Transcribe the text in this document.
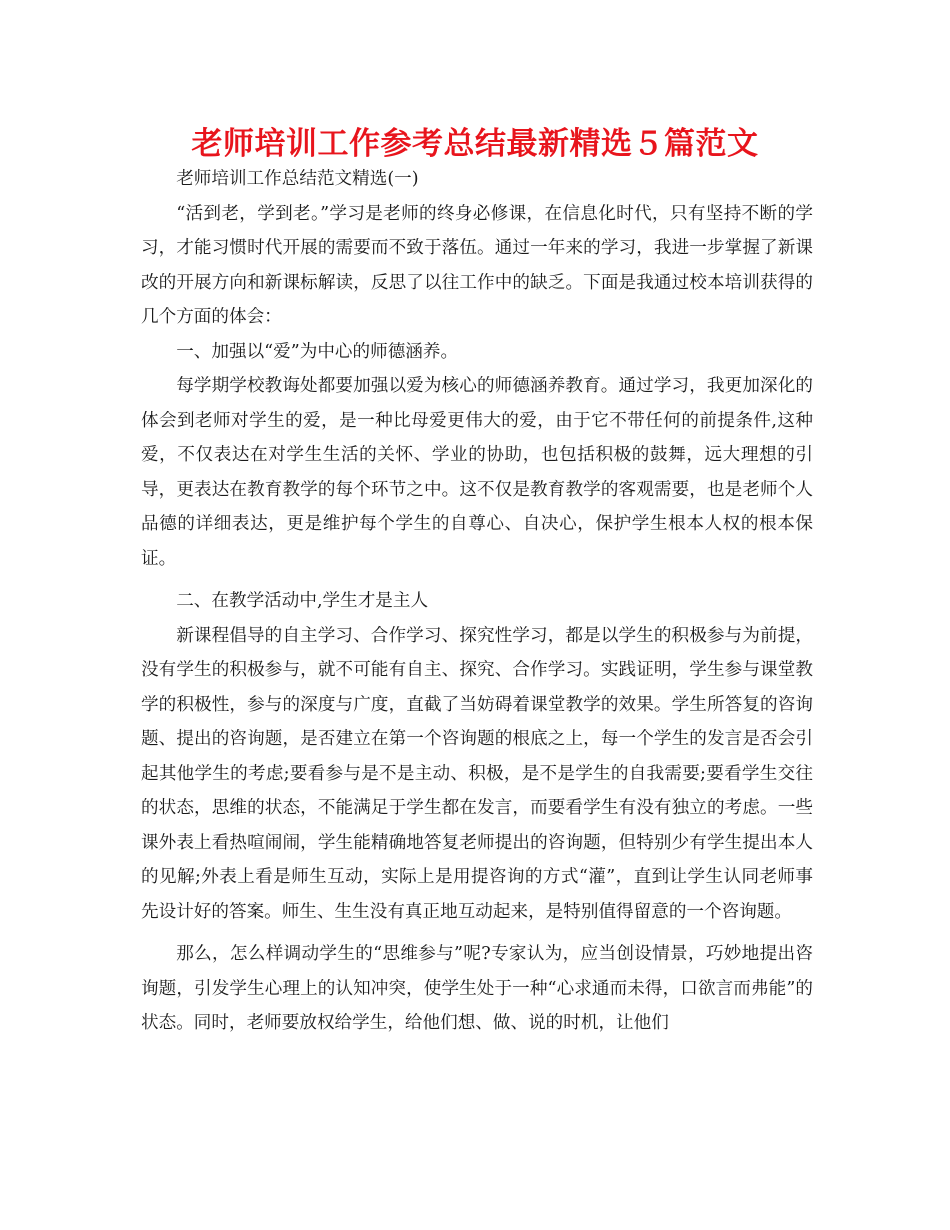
老师培训工作参考总结最新精选５篇范文

老师培训工作总结范文精选(一)

“活到老，学到老。”学习是老师的终身必修课，在信息化时代，只有坚持不断的学习，才能习惯时代开展的需要而不致于落伍。通过一年来的学习，我进一步掌握了新课改的开展方向和新课标解读，反思了以往工作中的缺乏。下面是我通过校本培训获得的几个方面的体会：

一、加强以“爱”为中心的师德涵养。

每学期学校教诲处都要加强以爱为核心的师德涵养教育。通过学习，我更加深化的体会到老师对学生的爱，是一种比母爱更伟大的爱，由于它不带任何的前提条件,这种爱，不仅表达在对学生生活的关怀、学业的协助，也包括积极的鼓舞，远大理想的引导，更表达在教育教学的每个环节之中。这不仅是教育教学的客观需要，也是老师个人品德的详细表达，更是维护每个学生的自尊心、自决心，保护学生根本人权的根本保证。

二、在教学活动中,学生才是主人

新课程倡导的自主学习、合作学习、探究性学习，都是以学生的积极参与为前提，没有学生的积极参与，就不可能有自主、探究、合作学习。实践证明，学生参与课堂教学的积极性，参与的深度与广度，直截了当妨碍着课堂教学的效果。学生所答复的咨询题、提出的咨询题，是否建立在第一个咨询题的根底之上，每一个学生的发言是否会引起其他学生的考虑;要看参与是不是主动、积极，是不是学生的自我需要;要看学生交往的状态，思维的状态，不能满足于学生都在发言，而要看学生有没有独立的考虑。一些课外表上看热喧闹闹，学生能精确地答复老师提出的咨询题，但特别少有学生提出本人的见解;外表上看是师生互动，实际上是用提咨询的方式“灌”，直到让学生认同老师事先设计好的答案。师生、生生没有真正地互动起来，是特别值得留意的一个咨询题。

那么，怎么样调动学生的“思维参与”呢?专家认为，应当创设情景，巧妙地提出咨询题，引发学生心理上的认知冲突，使学生处于一种“心求通而未得，口欲言而弗能”的状态。同时，老师要放权给学生，给他们想、做、说的时机，让他们
